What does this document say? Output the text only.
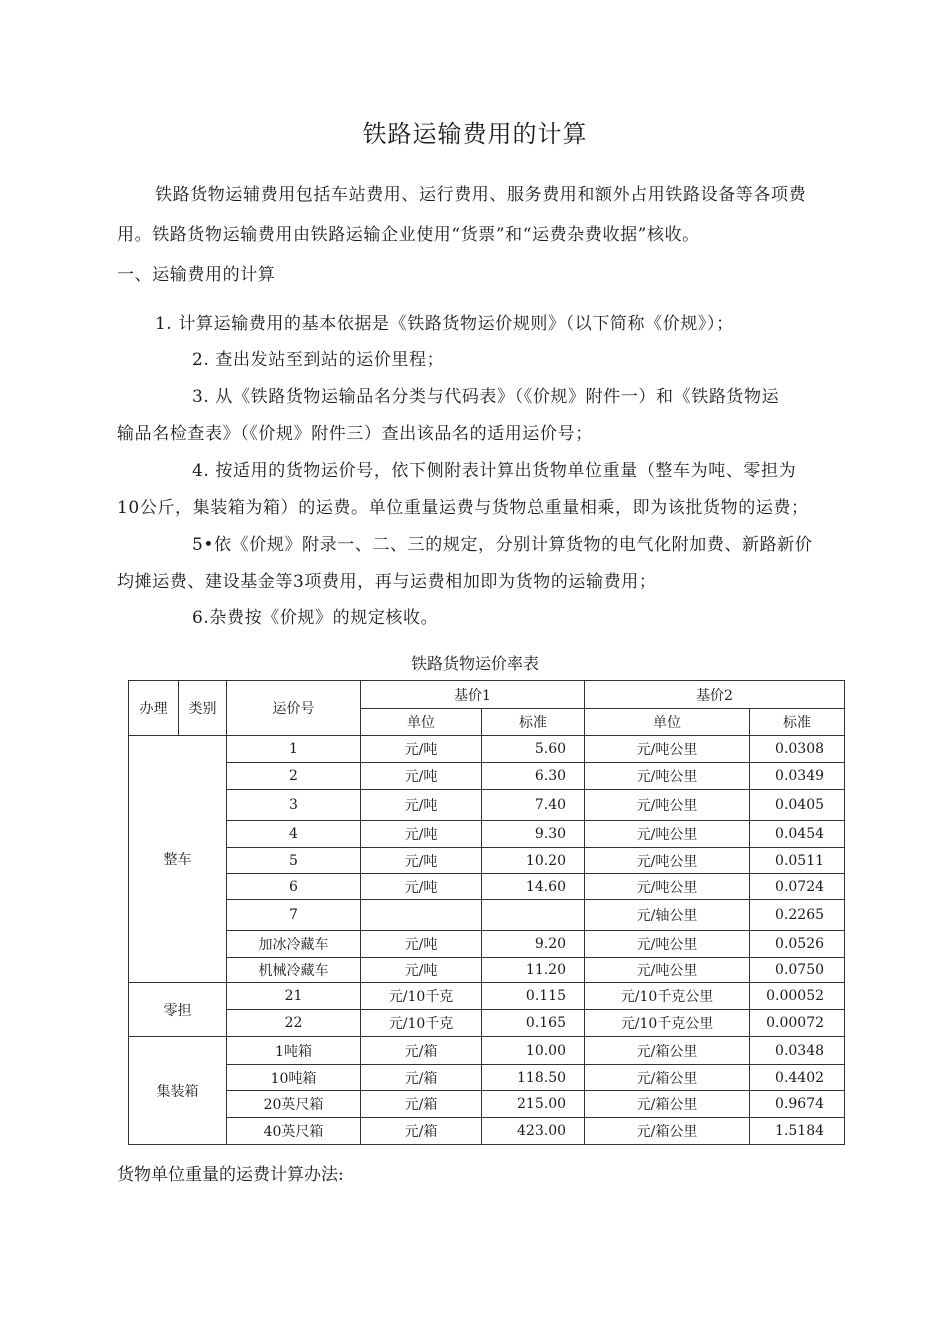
铁路运输费用的计算
铁路货物运辅费用包括车站费用、运行费用、服务费用和额外占用铁路设备等各项费
用。铁路货物运输费用由铁路运输企业使用“货票”和“运费杂费收据”核收。
一、运输费用的计算
1. 计算运输费用的基本依据是《铁路货物运价规则》（以下简称《价规》）；
2. 查出发站至到站的运价里程；
3. 从《铁路货物运输品名分类与代码表》（《价规》附件一）和《铁路货物运
输品名检查表》（《价规》附件三）查出该品名的适用运价号；
4. 按适用的货物运价号，依下侧附表计算出货物单位重量（整车为吨、零担为
10公斤，集装箱为箱）的运费。单位重量运费与货物总重量相乘，即为该批货物的运费；
5•依《价规》附录一、二、三的规定，分别计算货物的电气化附加费、新路新价
均摊运费、建设基金等3项费用，再与运费相加即为货物的运输费用；
6.杂费按《价规》的规定核收。
铁路货物运价率表
办理	类别	运价号	基价1		基价2	
			单位	标准	单位	标准
整车		1	元/吨	5.60	元/吨公里	0.0308
		2	元/吨	6.30	元/吨公里	0.0349
		3	元/吨	7.40	元/吨公里	0.0405
		4	元/吨	9.30	元/吨公里	0.0454
		5	元/吨	10.20	元/吨公里	0.0511
		6	元/吨	14.60	元/吨公里	0.0724
		7			元/轴公里	0.2265
		加冰冷藏车	元/吨	9.20	元/吨公里	0.0526
		机械冷藏车	元/吨	11.20	元/吨公里	0.0750
零担		21	元/10千克	0.115	元/10千克公里	0.00052
		22	元/10千克	0.165	元/10千克公里	0.00072
集装箱		1吨箱	元/箱	10.00	元/箱公里	0.0348
		10吨箱	元/箱	118.50	元/箱公里	0.4402
		20英尺箱	元/箱	215.00	元/箱公里	0.9674
		40英尺箱	元/箱	423.00	元/箱公里	1.5184
货物单位重量的运费计算办法:
